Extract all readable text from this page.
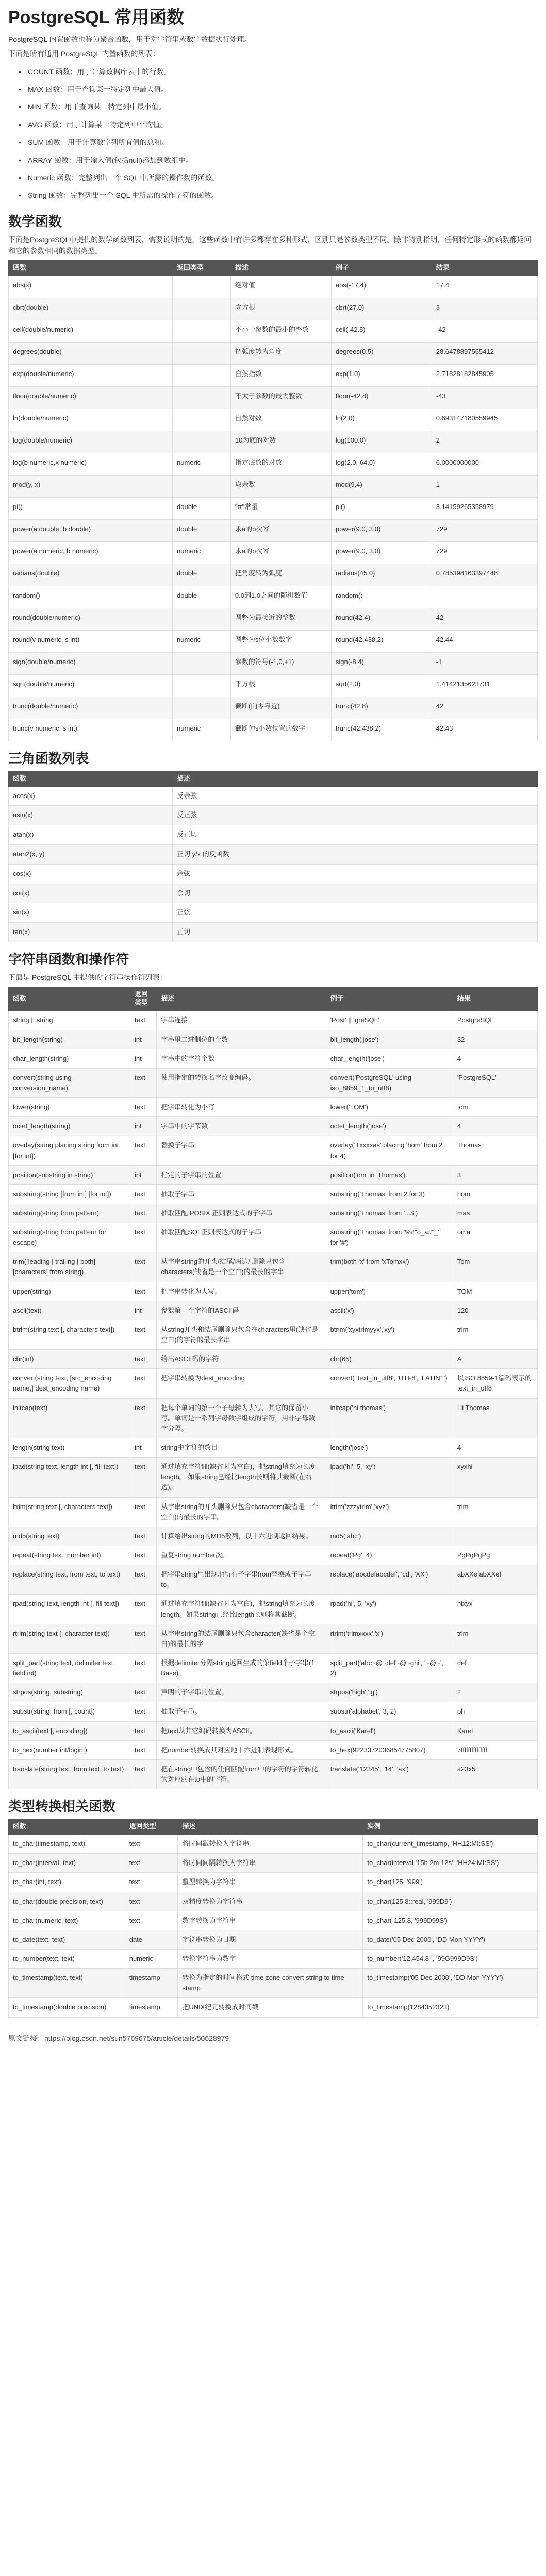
PostgreSQL 常用函数

PostgreSQL 内置函数也称为聚合函数，用于对字符串或数字数据执行处理。

下面是所有通用 PostgreSQL 内置函数的列表：

• COUNT 函数：用于计算数据库表中的行数。
• MAX 函数：用于查询某一特定列中最大值。
• MIN 函数：用于查询某一特定列中最小值。
• AVG 函数：用于计算某一特定列中平均值。
• SUM 函数：用于计算数字列所有值的总和。
• ARRAY 函数：用于输入值(包括null)添加到数组中。
• Numeric 函数：完整列出一个 SQL 中所需的操作数的函数。
• String 函数：完整列出一个 SQL 中所需的操作字符的函数。
数学函数

下面是PostgreSQL中提供的数学函数列表，需要说明的是，这些函数中有许多都存在多种形式，区别只是参数类型不同。除非特别指明，任何特定形式的函数都返回和它的参数相同的数据类型。

函数	返回类型	描述	例子	结果
abs(x)		绝对值	abs(-17.4)	17.4
cbrt(double)		立方根	cbrt(27.0)	3
ceil(double/numeric)		不小于参数的最小的整数	ceil(-42.8)	-42
degrees(double)		把弧度转为角度	degrees(0.5)	28.6478897565412
exp(double/numeric)		自然指数	exp(1.0)	2.71828182845905
floor(double/numeric)		不大于参数的最大整数	floor(-42.8)	-43
ln(double/numeric)		自然对数	ln(2.0)	0.693147180559945
log(double/numeric)		10为底的对数	log(100.0)	2
log(b numeric,x numeric)	numeric	指定底数的对数	log(2.0, 64.0)	6.0000000000
mod(y, x)		取余数	mod(9,4)	1
pi()	double	"π"常量	pi()	3.14159265358979
power(a double, b double)	double	求a的b次幂	power(9.0, 3.0)	729
power(a numeric, b numeric)	numeric	求a的b次幂	power(9.0, 3.0)	729
radians(double)	double	把角度转为弧度	radians(45.0)	0.785398163397448
random()	double	0.0到1.0之间的随机数值	random()	
round(double/numeric)		圆整为最接近的整数	round(42.4)	42
round(v numeric, s int)	numeric	圆整为s位小数数字	round(42.438,2)	42.44
sign(double/numeric)		参数的符号(-1,0,+1)	sign(-8.4)	-1
sqrt(double/numeric)		平方根	sqrt(2.0)	1.4142135623731
trunc(double/numeric)		截断(向零靠近)	trunc(42.8)	42
trunc(v numeric, s int)	numeric	截断为s小数位置的数字	trunc(42.438,2)	42.43
三角函数列表
函数	描述
acos(x)	反余弦
asin(x)	反正弦
atan(x)	反正切
atan2(x, y)	正切 y/x 的反函数
cos(x)	余弦
cot(x)	余切
sin(x)	正弦
tan(x)	正切
字符串函数和操作符

下面是 PostgreSQL 中提供的字符串操作符列表：

函数	返回类型	描述	例子	结果
string || string	text	字串连接	'Post' || 'greSQL'	PostgreSQL
bit_length(string)	int	字串里二进制位的个数	bit_length('jose')	32
char_length(string)	int	字串中的字符个数	char_length('jose')	4
convert(string using conversion_name)	text	使用指定的转换名字改变编码。	convert('PostgreSQL' using iso_8859_1_to_utf8)	'PostgreSQL'
lower(string)	text	把字串转化为小写	lower('TOM')	tom
octet_length(string)	int	字串中的字节数	octet_length('jose')	4
overlay(string placing string from int [for int])	text	替换子字串	overlay('Txxxxas' placing 'hom' from 2 for 4)	Thomas
position(substring in string)	int	指定的子字串的位置	position('om' in 'Thomas')	3
substring(string [from int] [for int])	text	抽取子字串	substring('Thomas' from 2 for 3)	hom
substring(string from pattern)	text	抽取匹配 POSIX 正则表达式的子字串	substring('Thomas' from '...$')	mas
substring(string from pattern for escape)	text	抽取匹配SQL正则表达式的子字串	substring('Thomas' from '%#"o_a#"_' for '#')	oma
trim([leading | trailing | both] [characters] from string)	text	从字串string的开头/结尾/两边/ 删除只包含characters(缺省是一个空白)的最长的字串	trim(both 'x' from 'xTomxx')	Tom
upper(string)	text	把字串转化为大写。	upper('tom')	TOM
ascii(text)	int	参数第一个字符的ASCII码	ascii('x')	120
btrim(string text [, characters text])	text	从string开头和结尾删除只包含在characters里(缺省是空白)的字符的最长字串	btrim('xyxtrimyyx','xy')	trim
chr(int)	text	给出ASCII码的字符	chr(65)	A
convert(string text, [src_encoding name,] dest_encoding name)	text	把字串转换为dest_encoding	convert( 'text_in_utf8', 'UTF8', 'LATIN1')	以ISO 8859-1编码表示的text_in_utf8
initcap(text)	text	把每个单词的第一个子母转为大写，其它的保留小写。单词是一系列字母数字组成的字符，用非字母数字分隔。	initcap('hi thomas')	Hi Thomas
length(string text)	int	string中字符的数目	length('jose')	4
lpad(string text, length int [, fill text])	text	通过填充字符fill(缺省时为空白)，把string填充为长度length。 如果string已经比length长则将其截断(在右边)。	lpad('hi', 5, 'xy')	xyxhi
ltrim(string text [, characters text])	text	从字串string的开头删除只包含characters(缺省是一个空白)的最长的字串。	ltrim('zzzytrim','xyz')	trim
md5(string text)	text	计算给出string的MD5散列，以十六进制返回结果。	md5('abc')	
repeat(string text, number int)	text	重复string number次。	repeat('Pg', 4)	PgPgPgPg
replace(string text, from text, to text)	text	把字串string里出现地所有子字串from替换成子字串to。	replace('abcdefabcdef', 'cd', 'XX')	abXXefabXXef
rpad(string text, length int [, fill text])	text	通过填充字符fill(缺省时为空白)，把string填充为长度length。如果string已经比length长则将其截断。	rpad('hi', 5, 'xy')	hixyx
rtrim(string text [, character text])	text	从字串string的结尾删除只包含character(缺省是个空白)的最长的字	rtrim('trimxxxx','x')	trim
split_part(string text, delimiter text, field int)	text	根据delimiter分隔string返回生成的第field个子字串(1 Base)。	split_part('abc~@~def~@~ghi', '~@~', 2)	def
strpos(string, substring)	text	声明的子字串的位置。	strpos('high','ig')	2
substr(string, from [, count])	text	抽取子字串。	substr('alphabet', 3, 2)	ph
to_ascii(text [, encoding])	text	把text从其它编码转换为ASCII。	to_ascii('Karel')	Karel
to_hex(number int/bigint)	text	把number转换成其对应地十六进制表现形式。	to_hex(9223372036854775807)	7fffffffffffffff
translate(string text, from text, to text)	text	把在string中包含的任何匹配from中的字符的字符转化为对应的在to中的字符。	translate('12345', '14', 'ax')	a23x5
类型转换相关函数
函数	返回类型	描述	实例
to_char(timestamp, text)	text	将时间戳转换为字符串	to_char(current_timestamp, 'HH12:MI:SS')
to_char(interval, text)	text	将时间间隔转换为字符串	to_char(interval '15h 2m 12s', 'HH24:MI:SS')
to_char(int, text)	text	整型转换为字符串	to_char(125, '999')
to_char(double precision, text)	text	双精度转换为字符串	to_char(125.8::real, '999D9')
to_char(numeric, text)	text	数字转换为字符串	to_char(-125.8, '999D99S')
to_date(text, text)	date	字符串转换为日期	to_date('05 Dec 2000', 'DD Mon YYYY')
to_number(text, text)	numeric	转换字符串为数字	to_number('12,454.8-', '99G999D9S')
to_timestamp(text, text)	timestamp	转换为指定的时间格式 time zone convert string to time stamp	to_timestamp('05 Dec 2000', 'DD Mon YYYY')
to_timestamp(double precision)	timestamp	把UNIX纪元转换成时间戳	to_timestamp(1284352323)
原文链接：https://blog.csdn.net/sun5769675/article/details/50628979
